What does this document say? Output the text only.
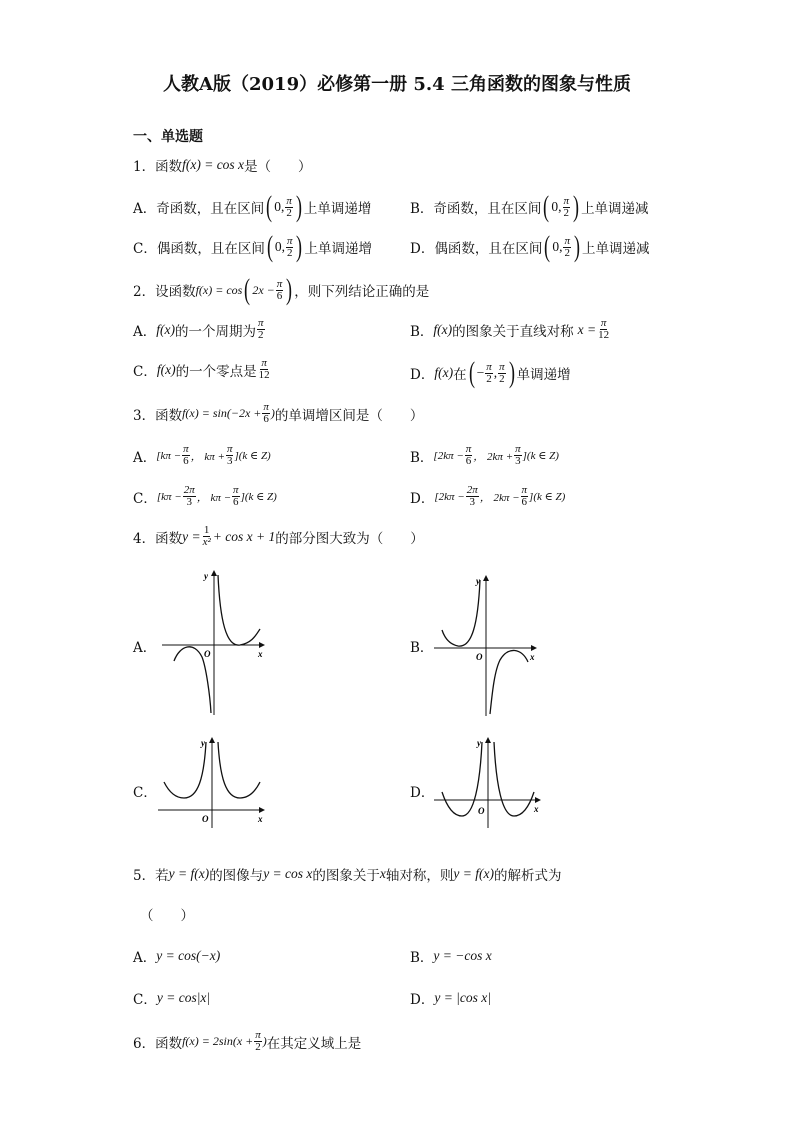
人教A版（2019）必修第一册 5.4 三角函数的图象与性质
一、单选题
1．函数 f(x) = cos x 是（　　）
A．奇函数，且在区间 ( 0, $\frac{\pi}{2}$ ) 上单调递增	B．奇函数，且在区间 ( 0, $\frac{\pi}{2}$ ) 上单调递减
C．偶函数，且在区间 ( 0, $\frac{\pi}{2}$ ) 上单调递增	D．偶函数，且在区间 ( 0, $\frac{\pi}{2}$ ) 上单调递减
2．设函数 f(x) = cos ( $2x - \frac{\pi}{6}$ ) ，则下列结论正确的是
A． f(x) 的一个周期为 $\frac{\pi}{2}$	B． f(x) 的图象关于直线对称 $x = \frac{\pi}{12}$
C． f(x) 的一个零点是 $\frac{\pi}{12}$	D． f(x) 在 ( − $\frac{\pi}{2}$ , $\frac{\pi}{2}$ ) 单调递增
3．函数 $f(x) = \sin(-2x + \frac{\pi}{6}$ ) 的单调增区间是（　　）
A． [$k\pi - \frac{\pi}{6}$ ， $k\pi + \frac{\pi}{3} ](k$ ∈ Z)	B． [$2k\pi - \frac{\pi}{6}$ ， $2k\pi + \frac{\pi}{3} ](k$ ∈ Z)
C． [$k\pi - \frac{2\pi}{3}$ ， $k\pi - \frac{\pi}{6} ](k$ ∈ Z)	D． [$2k\pi - \frac{2\pi}{3}$ ， $2k\pi - \frac{\pi}{6} ](k$ ∈ Z)
4．函数 $y = \frac{1}{\text{x²}} + \cos x + 1$ 的部分图大致为（　　）
A．	B．
C．	D．
y
x
O
y
x
O
y
x
O
y
x
O
5．若 y = f(x) 的图像与 y = cos x 的图象关于 x 轴对称，则 y = f(x) 的解析式为
（　　）
A． y = cos(−x)	B． y = −cos x
C． y = cos|x|	D． y = |cos x|
6．函数 $f(x) = 2\sin(x + \frac{\pi}{2}$ ) 在其定义域上是
